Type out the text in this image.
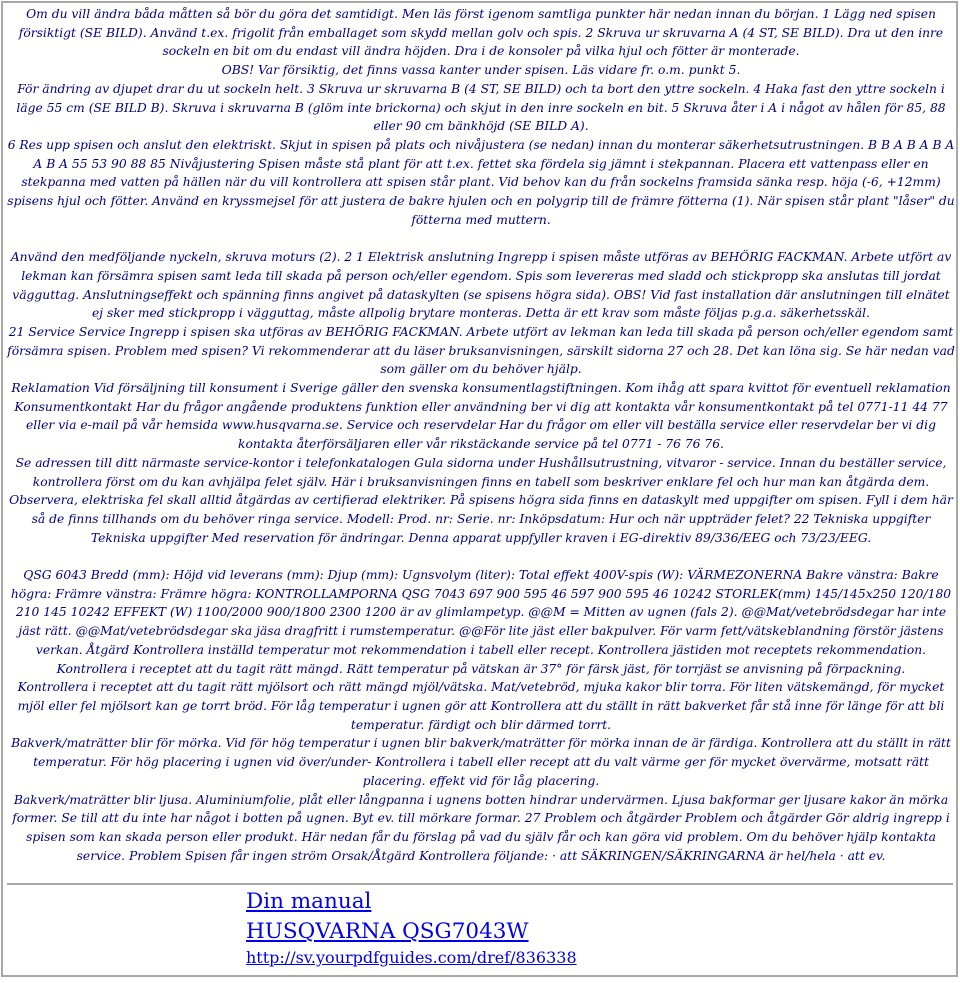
Om du vill ändra båda måtten så bör du göra det samtidigt. Men läs först igenom samtliga punkter här nedan innan du början. 1 Lägg ned spisen försiktigt (SE BILD). Använd t.ex. frigolit från emballaget som skydd mellan golv och spis. 2 Skruva ur skruvarna A (4 ST, SE BILD). Dra ut den inre sockeln en bit om du endast vill ändra höjden. Dra i de konsoler på vilka hjul och fötter är monterade.

OBS! Var försiktig, det finns vassa kanter under spisen. Läs vidare fr. o.m. punkt 5.

För ändring av djupet drar du ut sockeln helt. 3 Skruva ur skruvarna B (4 ST, SE BILD) och ta bort den yttre sockeln. 4 Haka fast den yttre sockeln i läge 55 cm (SE BILD B). Skruva i skruvarna B (glöm inte brickorna) och skjut in den inre sockeln en bit. 5 Skruva åter i A i något av hålen för 85, 88 eller 90 cm bänkhöjd (SE BILD A).

6 Res upp spisen och anslut den elektriskt. Skjut in spisen på plats och nivåjustera (se nedan) innan du monterar säkerhetsutrustningen. B B A B A B A A B A 55 53 90 88 85 Nivåjustering Spisen måste stå plant för att t.ex. fettet ska fördela sig jämnt i stekpannan. Placera ett vattenpass eller en stekpanna med vatten på hällen när du vill kontrollera att spisen står plant. Vid behov kan du från sockelns framsida sänka resp. höja (-6, +12mm) spisens hjul och fötter. Använd en kryssmejsel för att justera de bakre hjulen och en polygrip till de främre fötterna (1). När spisen står plant "låser" du fötterna med muttern.

Använd den medföljande nyckeln, skruva moturs (2). 2 1 Elektrisk anslutning Ingrepp i spisen måste utföras av BEHÖRIG FACKMAN. Arbete utfört av lekman kan försämra spisen samt leda till skada på person och/eller egendom. Spis som levereras med sladd och stickpropp ska anslutas till jordat vägguttag. Anslutningseffekt och spänning finns angivet på dataskylten (se spisens högra sida). OBS! Vid fast installation där anslutningen till elnätet ej sker med stickpropp i vägguttag, måste allpolig brytare monteras. Detta är ett krav som måste följas p.g.a. säkerhetsskäl.

21 Service Service Ingrepp i spisen ska utföras av BEHÖRIG FACKMAN. Arbete utfört av lekman kan leda till skada på person och/eller egendom samt försämra spisen. Problem med spisen? Vi rekommenderar att du läser bruksanvisningen, särskilt sidorna 27 och 28. Det kan löna sig. Se här nedan vad som gäller om du behöver hjälp.

Reklamation Vid försäljning till konsument i Sverige gäller den svenska konsumentlagstiftningen. Kom ihåg att spara kvittot för eventuell reklamation Konsumentkontakt Har du frågor angående produktens funktion eller användning ber vi dig att kontakta vår konsumentkontakt på tel 0771-11 44 77 eller via e-mail på vår hemsida www.husqvarna.se. Service och reservdelar Har du frågor om eller vill beställa service eller reservdelar ber vi dig kontakta återförsäljaren eller vår rikstäckande service på tel 0771 - 76 76 76.

Se adressen till ditt närmaste service-kontor i telefonkatalogen Gula sidorna under Hushållsutrustning, vitvaror - service. Innan du beställer service, kontrollera först om du kan avhjälpa felet själv. Här i bruksanvisningen finns en tabell som beskriver enklare fel och hur man kan åtgärda dem. Observera, elektriska fel skall alltid åtgärdas av certifierad elektriker. På spisens högra sida finns en dataskylt med uppgifter om spisen. Fyll i dem här så de finns tillhands om du behöver ringa service. Modell: Prod. nr: Serie. nr: Inköpsdatum: Hur och när uppträder felet? 22 Tekniska uppgifter Tekniska uppgifter Med reservation för ändringar. Denna apparat uppfyller kraven i EG-direktiv 89/336/EEG och 73/23/EEG.

QSG 6043 Bredd (mm): Höjd vid leverans (mm): Djup (mm): Ugnsvolym (liter): Total effekt 400V-spis (W): VÄRMEZONERNA Bakre vänstra: Bakre högra: Främre vänstra: Främre högra: KONTROLLAMPORNA QSG 7043 697 900 595 46 597 900 595 46 10242 STORLEK(mm) 145/145x250 120/180 210 145 10242 EFFEKT (W) 1100/2000 900/1800 2300 1200 är av glimlampetyp. @@M = Mitten av ugnen (fals 2). @@Mat/vetebrödsdegar har inte jäst rätt. @@Mat/vetebrödsdegar ska jäsa dragfritt i rumstemperatur. @@För lite jäst eller bakpulver. För varm fett/vätskeblandning förstör jästens verkan. Åtgärd Kontrollera inställd temperatur mot rekommendation i tabell eller recept. Kontrollera jästiden mot receptets rekommendation. Kontrollera i receptet att du tagit rätt mängd. Rätt temperatur på vätskan är 37° för färsk jäst, för torrjäst se anvisning på förpackning.

Kontrollera i receptet att du tagit rätt mjölsort och rätt mängd mjöl/vätska. Mat/vetebröd, mjuka kakor blir torra. För liten vätskemängd, för mycket mjöl eller fel mjölsort kan ge torrt bröd. För låg temperatur i ugnen gör att Kontrollera att du ställt in rätt bakverket får stå inne för länge för att bli temperatur. färdigt och blir därmed torrt.

Bakverk/maträtter blir för mörka. Vid för hög temperatur i ugnen blir bakverk/maträtter för mörka innan de är färdiga. Kontrollera att du ställt in rätt temperatur. För hög placering i ugnen vid över/under- Kontrollera i tabell eller recept att du valt värme ger för mycket övervärme, motsatt rätt placering. effekt vid för låg placering.

Bakverk/maträtter blir ljusa. Aluminiumfolie, plåt eller långpanna i ugnens botten hindrar undervärmen. Ljusa bakformar ger ljusare kakor än mörka former. Se till att du inte har något i botten på ugnen. Byt ev. till mörkare formar. 27 Problem och åtgärder Problem och åtgärder Gör aldrig ingrepp i spisen som kan skada person eller produkt. Här nedan får du förslag på vad du själv får och kan göra vid problem. Om du behöver hjälp kontakta service. Problem Spisen får ingen ström Orsak/Åtgärd Kontrollera följande: · att SÄKRINGEN/SÄKRINGARNA är hel/hela · att ev.

Din manual
HUSQVARNA QSG7043W
http://sv.yourpdfguides.com/dref/836338
